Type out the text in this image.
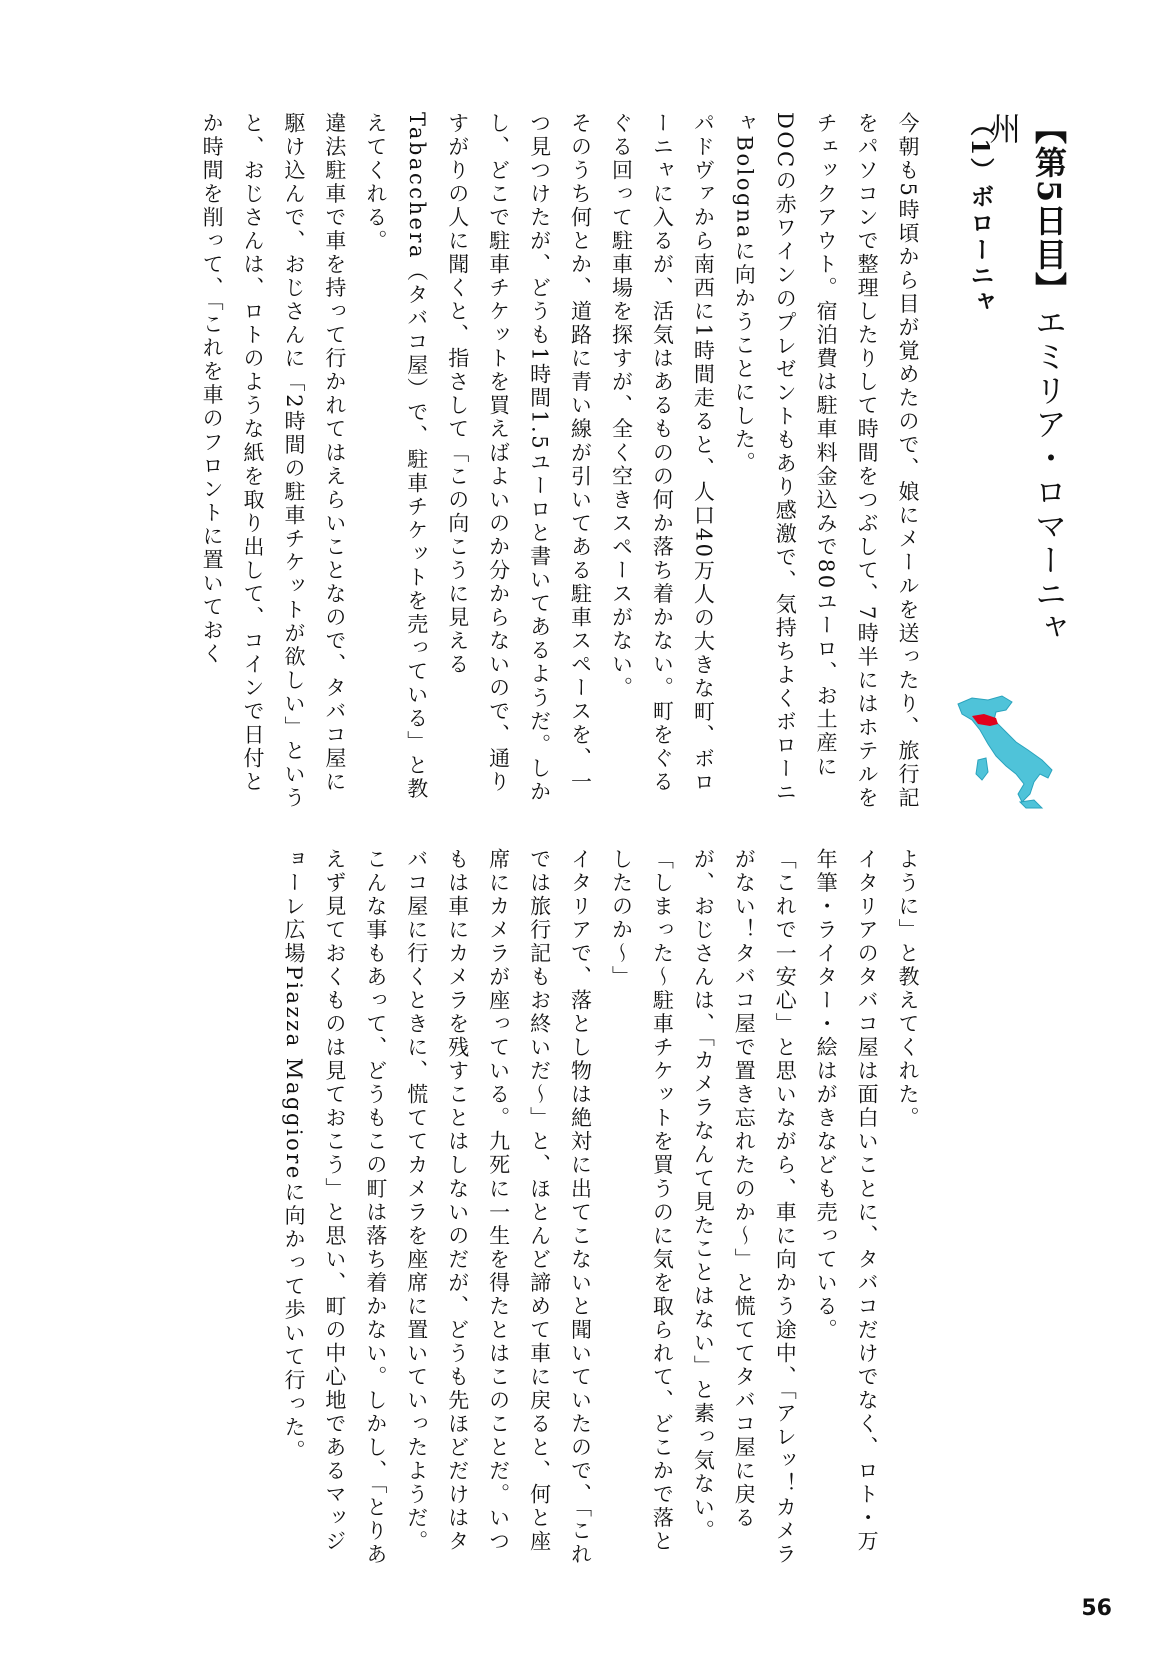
【第5日目】エミリア・ロマーニャ州
（1）ボローニャ
今朝も5時頃から目が覚めたので、娘にメールを送ったり、旅行記をパソコンで整理したりして時間をつぶして、7時半にはホテルをチェックアウト。宿泊費は駐車料金込みで80ユーロ、お土産にDOCの赤ワインのプレゼントもあり感激で、気持ちよくボローニャBolognaに向かうことにした。
パドヴァから南西に1時間走ると、人口40万人の大きな町、ボローニャに入るが、活気はあるものの何か落ち着かない。町をぐるぐる回って駐車場を探すが、全く空きスペースがない。
そのうち何とか、道路に青い線が引いてある駐車スペースを、一つ見つけたが、どうも1時間1.5ユーロと書いてあるようだ。しかし、どこで駐車チケットを買えばよいのか分からないので、通りすがりの人に聞くと、指さして「この向こうに見えるTabacchera（タバコ屋）で、駐車チケットを売っている」と教えてくれる。
違法駐車で車を持って行かれてはえらいことなので、タバコ屋に駆け込んで、おじさんに「2時間の駐車チケットが欲しい」というと、おじさんは、ロトのような紙を取り出して、コインで日付とか時間を削って、「これを車のフロントに置いておく
ように」と教えてくれた。
イタリアのタバコ屋は面白いことに、タバコだけでなく、ロト・万年筆・ライター・絵はがきなども売っている。
「これで一安心」と思いながら、車に向かう途中、「アレッ！カメラがない！タバコ屋で置き忘れたのか〜」と慌ててタバコ屋に戻るが、おじさんは、「カメラなんて見たことはない」と素っ気ない。「しまった〜駐車チケットを買うのに気を取られて、どこかで落としたのか〜」
イタリアで、落とし物は絶対に出てこないと聞いていたので、「これでは旅行記もお終いだ〜」と、ほとんど諦めて車に戻ると、何と座席にカメラが座っている。九死に一生を得たとはこのことだ。いつもは車にカメラを残すことはしないのだが、どうも先ほどだけはタバコ屋に行くときに、慌ててカメラを座席に置いていったようだ。
こんな事もあって、どうもこの町は落ち着かない。しかし、「とりあえず見ておくものは見ておこう」と思い、町の中心地であるマッジョーレ広場Piazza Maggioreに向かって歩いて行った。
56
